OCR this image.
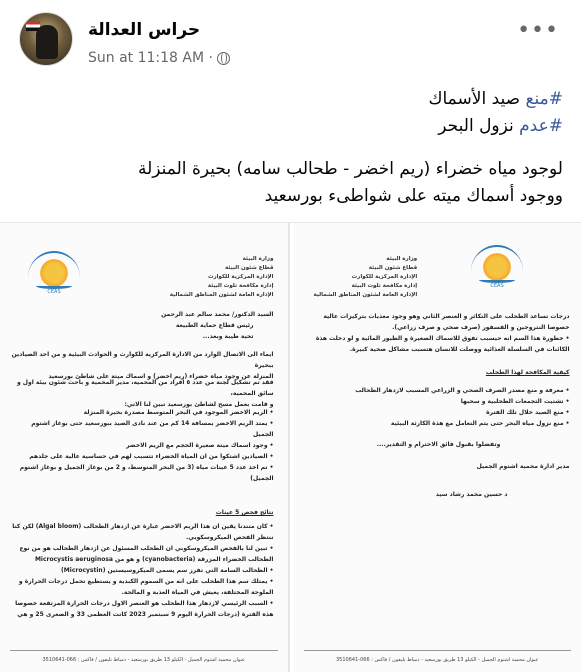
حراس العدالة
Sun at 11:18 AM ·
•••
#منع صيد الأسماك
#عدم نزول البحر
لوجود مياه خضراء (ريم اخضر - طحالب سامه) بحيرة المنزلة
ووجود أسماك ميته على شواطىء بورسعيد
CEAS
وزارة البيئة
قطاع شئون البيئة
الإدارة المركزية للكوارث
إدارة مكافحة تلوث البيئة
الإدارة العامة لشئون المناطق الشمالية
السيد الدكتور/ محمد سالم عبد الرحمن
رئيس قطاع حماية الطبيعة
تحية طيبة وبعد...
ايماء الى الاتصال الوارد من الادارة المركزية للكوارث و الحوادث البيئية و من احد الصيادين ببحيرة
المنزلة عن وجود مياه خضراء (ريم اخضر) و اسماك ميتة على شاطئ بورسعيد
فقد تم تشكيل لجنة من عدد ٥ افراد من المحمية، مدير المحمية و باحث شئون بيئة اول و سائق المحمية،
و قامت بعمل مسح لشاطئ بورسعيد تبين لنا الاتي:
• الريم الاخضر الموجود في البحر المتوسط مصدرة بحيرة المنزلة
• يمتد الريم الاخضر بمسافة 14 كم من عند نادى الصيد ببورسعيد حتى بوغاز اشتوم الجميل
• وجود اسماك ميتة صغيرة الحجم مع الريم الاخضر
• الصيادين اشتكوا من ان المياه الخضراء تتسبب لهم في حساسية عالية على جلدهم
• تم اخذ عدد 5 عينات مياه (3 من البحر المتوسط، و 2 من بوغاز الجميل و بوغاز اشتوم الجميل)
نتائج فحص 5 عينات
• كان متندنا يقين ان هذا الريم الاخضر عبارة عن ازدهار الطحالب (Algal bloom) لكن كنا ننتظر الفحص الميكروسكوبي.
• تبين لنا بالفحص الميكروسكوبي ان الطحلب المسئول عن ازدهار الطحالب هو من نوع الطحالب الخضراء المزرقة (cyanobacteria) و هو من Microcystis aeruginosa
• الطحالب السامة التي تفرز سم يسمى الميكروسيستين (Microcystin)
• يمتلك سم هذا الطحلب على انه من السموم الكبدية و يستطيع تحمل درجات الحرارة و الملوحة المختلفة، يعيش في المياه العذبة و المالحة.
• السبب الرئيسي لازدهار هذا الطحلب هو العنصر الاول درجات الحرارة المرتفعة خصوصا هذه الفترة (درجات الحرارة اليوم 9 سبتمبر 2023 كانت العظمى 33 و الصغرى 25 و هي
عنوان محمية اشتوم الجميل - الكيلو 13 طريق بورسعيد - دمياط تليفون / فاكس : 066-3510641
CEAS
وزارة البيئة
قطاع شئون البيئة
الإدارة المركزية للكوارث
إدارة مكافحة تلوث البيئة
الإدارة العامة لشئون المناطق الشمالية
درجات تساعد الطحلب على التكاثر و العنصر الثاني وهو وجود مغذيات بتركيزات عالية
خصوصا النتروجين و الفسفور (صرف صحي و صرف زراعي).
• خطورة هذا السم انه حيسبب تفوق للاسماك الصغيرة و الطيور المائية و لو دخلت هذة
الكائنات في السلسلة الغذائية ووصلت للانسان هتسبب مشاكل صحية كبيرة.
كيفية المكافحة لهذا الطحلب
• معرفة و منع مصدر الصرف الصحي و الزراعي المسبب لازدهار الطحالب
• تشتيت التجمعات الطحلبية و سحبها
• منع الصيد خلال تلك الفترة
• منع نزول مياه البحر حتى يتم التعامل مع هذة الكارثة البيئية
وتفضلوا بقبول فائق الاحترام و التقدير....
مدير ادارة محمية اشتوم الجميل
د حسين محمد رشاد سيد
عنوان محمية اشتوم الجميل - الكيلو 13 طريق بورسعيد - دمياط تليفون / فاكس : 066-3510641
